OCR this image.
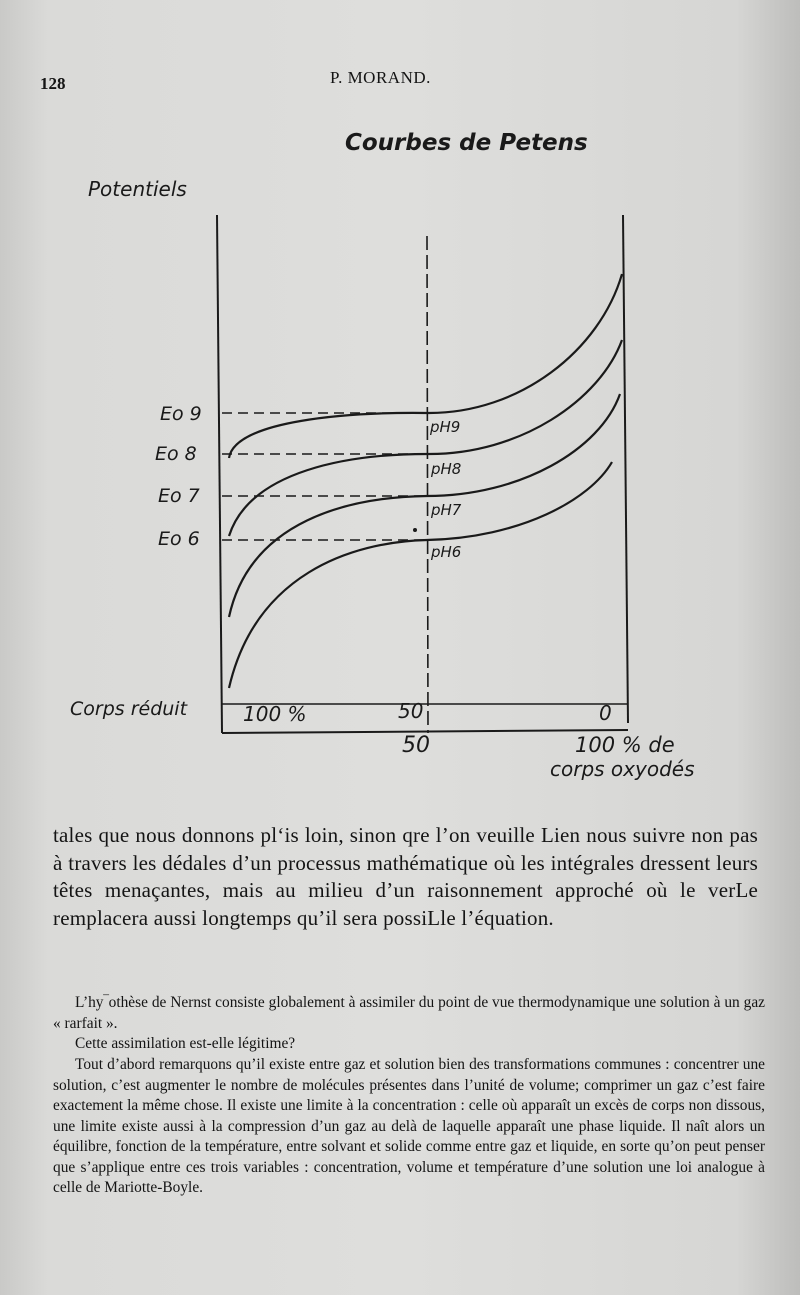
128	P. MORAND.
Courbes de Petens
Potentiels
Eo 9
Eo 8
Eo 7
Eo 6
pH9
pH8
pH7
pH6
Corps réduit	100 %	50	0
50	100 % de
corps oxyodés
tales que nous donnons pl‘is loin, sinon qre l’on veuille Lien nous suivre non pas à travers les dédales d’un processus mathématique où les intégrales dressent leurs têtes menaçantes, mais au milieu d’un raisonnement approché où le verLe remplacera aussi longtemps qu’il sera possiLle l’équation.

L’hy‾othèse de Nernst consiste globalement à assimiler du point de vue thermodynamique une solution à un gaz « rarfait ».

Cette assimilation est-elle légitime?

Tout d’abord remarquons qu’il existe entre gaz et solution bien des transformations communes : concentrer une solution, c’est augmenter le nombre de molécules présentes dans l’unité de volume; comprimer un gaz c’est faire exactement la même chose. Il existe une limite à la concentration : celle où apparaît un excès de corps non dissous, une limite existe aussi à la compression d’un gaz au delà de laquelle apparaît une phase liquide. Il naît alors un équilibre, fonction de la température, entre solvant et solide comme entre gaz et liquide, en sorte qu’on peut penser que s’applique entre ces trois variables : concentration, volume et température d’une solution une loi analogue à celle de Mariotte-Boyle.
